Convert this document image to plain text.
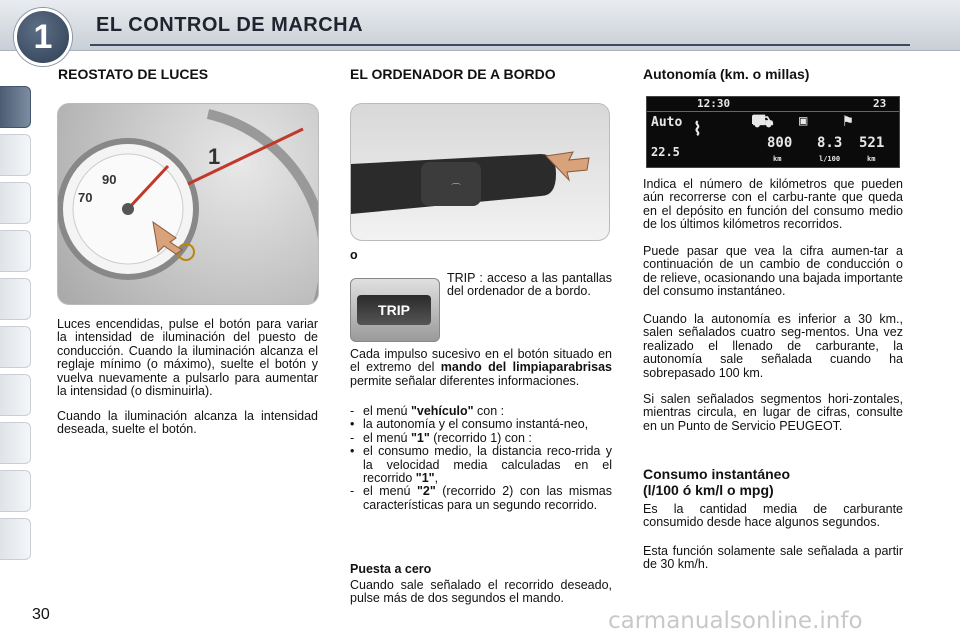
EL CONTROL DE MARCHA
1
REOSTATO DE LUCES
90
70
1

Luces encendidas, pulse el botón para variar la intensidad de iluminación del puesto de conducción. Cuando la iluminación alcanza el reglaje mínimo (o máximo), suelte el botón y vuelva nuevamente a pulsarlo para aumentar la intensidad (o disminuirla).

Cuando la iluminación alcanza la intensidad deseada, suelte el botón.

EL ORDENADOR DE A BORDO
⌒
o
TRIP

TRIP : acceso a las pantallas del ordenador de a bordo.

Cada impulso sucesivo en el botón situado en el extremo del mando del limpiaparabrisas permite señalar diferentes informaciones.

- el menú "vehículo" con :
• la autonomía y el consumo instantá-neo,
- el menú "1" (recorrido 1) con :
• el consumo medio, la distancia reco-rrida y la velocidad media calculadas en el recorrido "1",
- el menú "2" (recorrido 2) con las mismas características para un segundo recorrido.
Puesta a cero

Cuando sale señalado el recorrido deseado, pulse más de dos segundos el mando.

Autonomía (km. o millas)
12:30	23
Auto
22.5
⌇	⛟ ▣ ⚑
800 8.3 521
km	l/100	km

Indica el número de kilómetros que pueden aún recorrerse con el carbu-rante que queda en el depósito en función del consumo medio de los últimos kilómetros recorridos.

Puede pasar que vea la cifra aumen-tar a continuación de un cambio de conducción o de relieve, ocasionando una bajada importante del consumo instantáneo.

Cuando la autonomía es inferior a 30 km., salen señalados cuatro seg-mentos. Una vez realizado el llenado de carburante, la autonomía sale señalada cuando ha sobrepasado 100 km.

Si salen señalados segmentos hori-zontales, mientras circula, en lugar de cifras, consulte en un Punto de Servicio PEUGEOT.

Consumo instantáneo
(l/100 ó km/l o mpg)

Es la cantidad media de carburante consumido desde hace algunos segundos.

Esta función solamente sale señalada a partir de 30 km/h.

30	carmanualsonline.info
